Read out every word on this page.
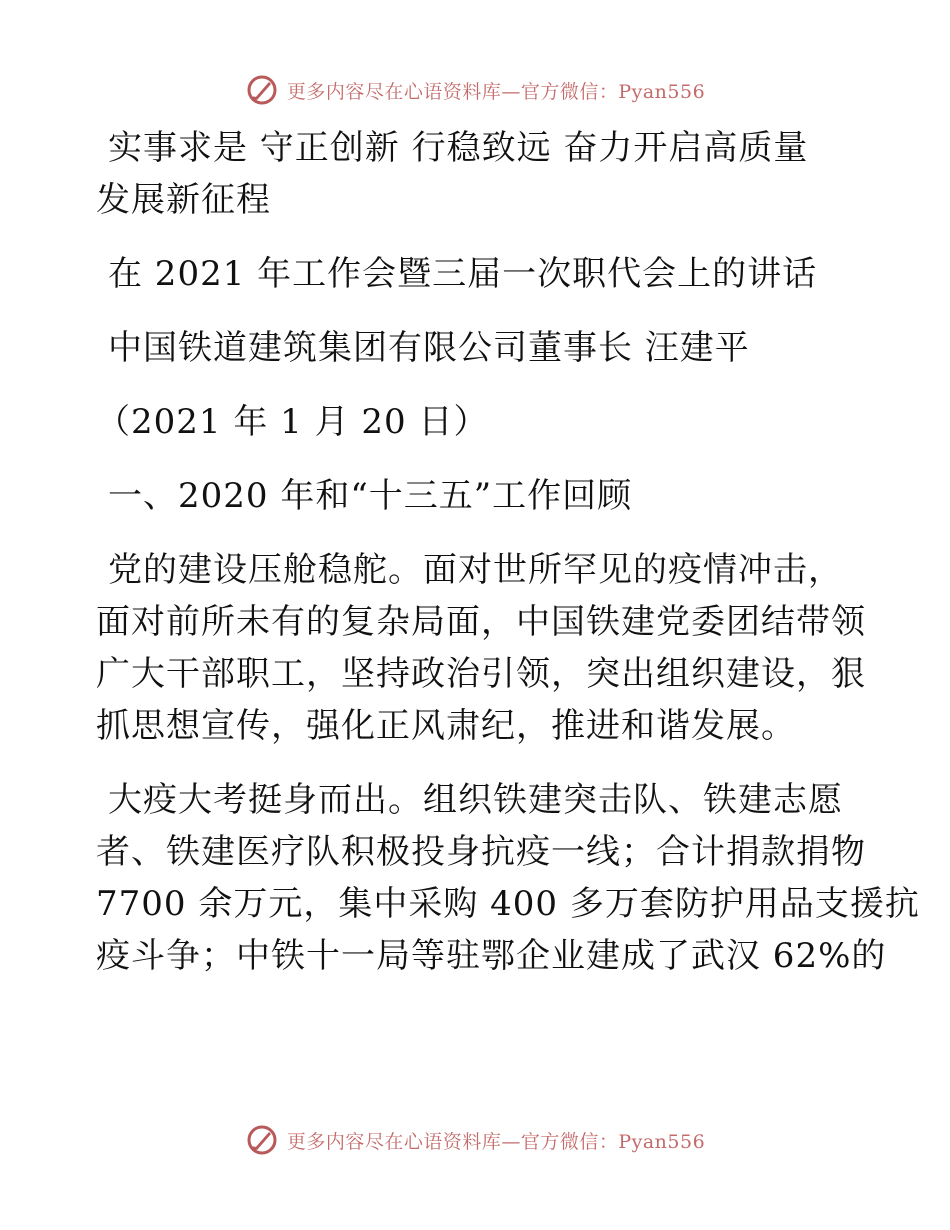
更多内容尽在心语资料库—官方微信：Pyan556
实事求是 守正创新 行稳致远 奋力开启高质量
发展新征程
在 2021 年工作会暨三届一次职代会上的讲话
中国铁道建筑集团有限公司董事长 汪建平
（2021 年 1 月 20 日）
一、2020 年和“十三五”工作回顾
党的建设压舱稳舵。面对世所罕见的疫情冲击，
面对前所未有的复杂局面，中国铁建党委团结带领
广大干部职工，坚持政治引领，突出组织建设，狠
抓思想宣传，强化正风肃纪，推进和谐发展。
大疫大考挺身而出。组织铁建突击队、铁建志愿
者、铁建医疗队积极投身抗疫一线；合计捐款捐物
7700 余万元，集中采购 400 多万套防护用品支援抗
疫斗争；中铁十一局等驻鄂企业建成了武汉 62%的
更多内容尽在心语资料库—官方微信：Pyan556
